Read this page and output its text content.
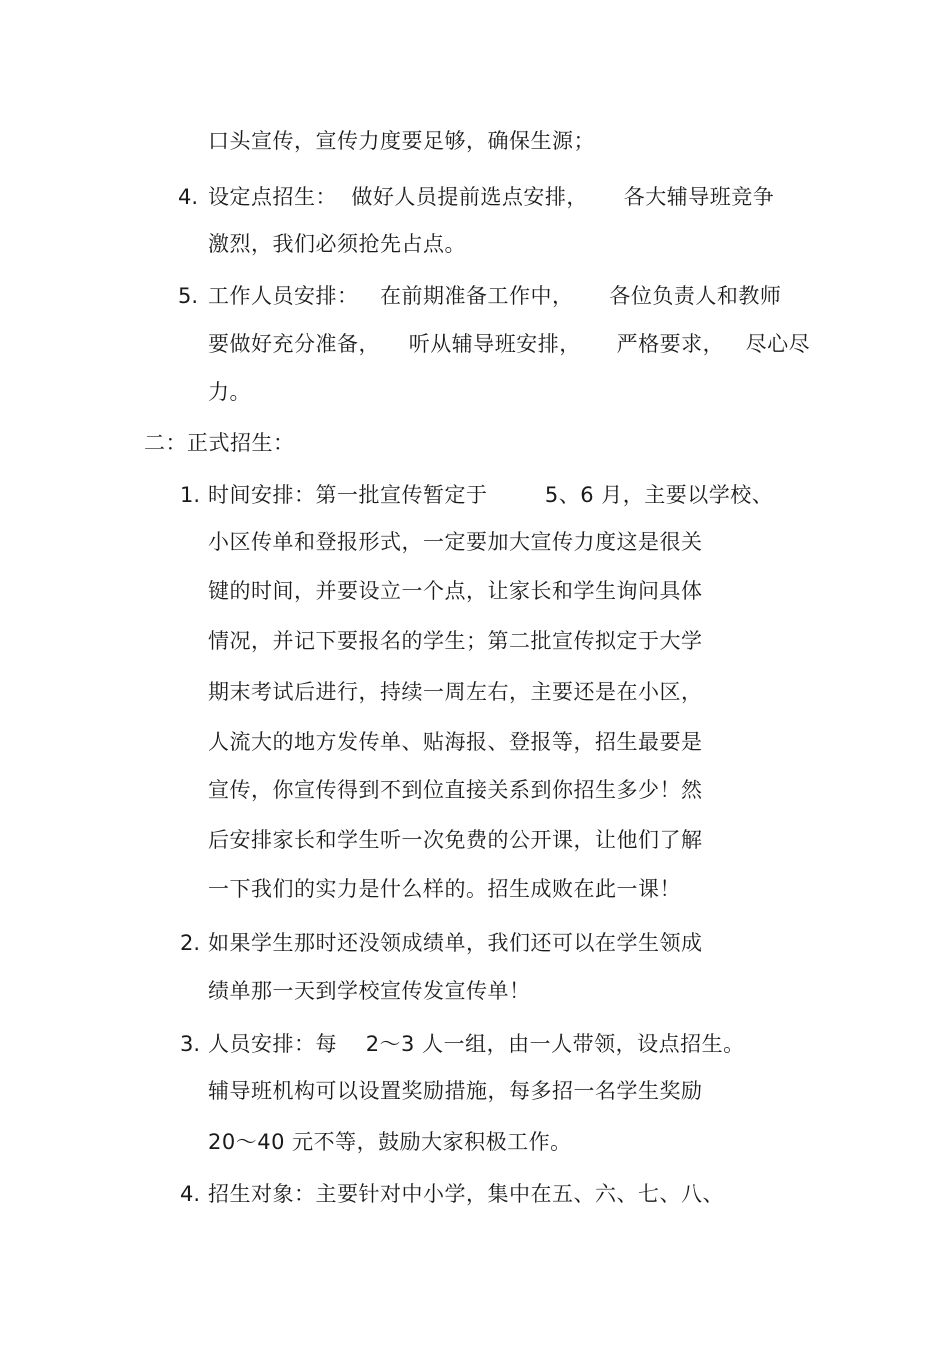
口头宣传，宣传力度要足够，确保生源；
4. 设定点招生：  做好人员提前选点安排，     各大辅导班竞争
激烈，我们必须抢先占点。
5. 工作人员安排：   在前期准备工作中，     各位负责人和教师
要做好充分准备，    听从辅导班安排，     严格要求，   尽心尽
力。
二：正式招生：
1. 时间安排：第一批宣传暂定于        5、6 月，主要以学校、
小区传单和登报形式，一定要加大宣传力度这是很关
键的时间，并要设立一个点，让家长和学生询问具体
情况，并记下要报名的学生；第二批宣传拟定于大学
期末考试后进行，持续一周左右，主要还是在小区，
人流大的地方发传单、贴海报、登报等，招生最要是
宣传，你宣传得到不到位直接关系到你招生多少！然
后安排家长和学生听一次免费的公开课，让他们了解
一下我们的实力是什么样的。招生成败在此一课！
2. 如果学生那时还没领成绩单，我们还可以在学生领成
绩单那一天到学校宣传发宣传单！
3. 人员安排：每    2～3 人一组，由一人带领，设点招生。
辅导班机构可以设置奖励措施，每多招一名学生奖励
20～40 元不等，鼓励大家积极工作。
4. 招生对象：主要针对中小学，集中在五、六、七、八、
